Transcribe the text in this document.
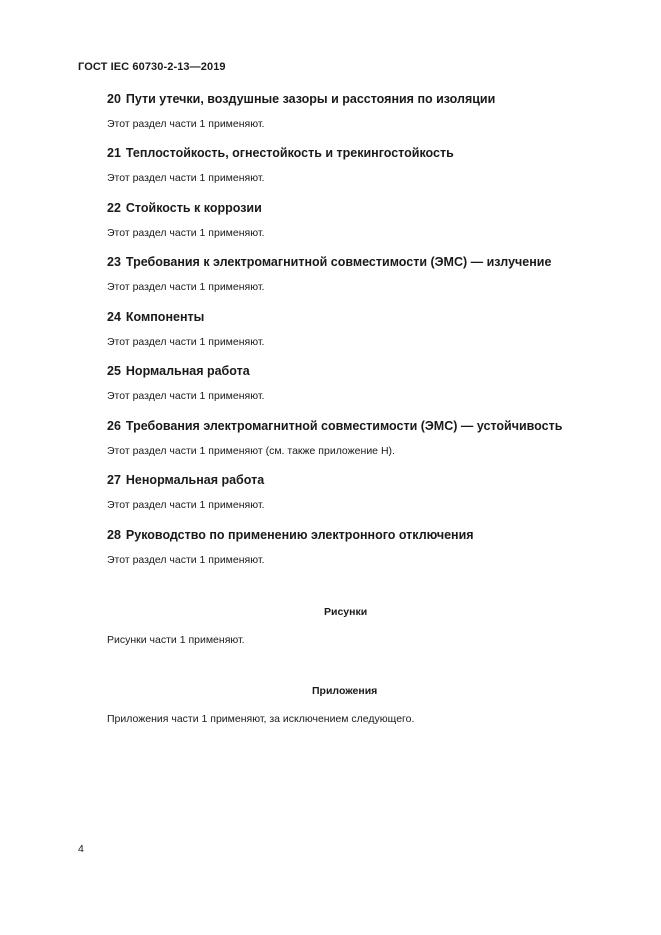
ГОСТ IEC 60730-2-13—2019
20 Пути утечки, воздушные зазоры и расстояния по изоляции
Этот раздел части 1 применяют.
21 Теплостойкость, огнестойкость и трекингостойкость
Этот раздел части 1 применяют.
22 Стойкость к коррозии
Этот раздел части 1 применяют.
23 Требования к электромагнитной совместимости (ЭМС) — излучение
Этот раздел части 1 применяют.
24 Компоненты
Этот раздел части 1 применяют.
25 Нормальная работа
Этот раздел части 1 применяют.
26 Требования электромагнитной совместимости (ЭМС) — устойчивость
Этот раздел части 1 применяют (см. также приложение Н).
27 Ненормальная работа
Этот раздел части 1 применяют.
28 Руководство по применению электронного отключения
Этот раздел части 1 применяют.
Рисунки
Рисунки части 1 применяют.
Приложения
Приложения части 1 применяют, за исключением следующего.
4
